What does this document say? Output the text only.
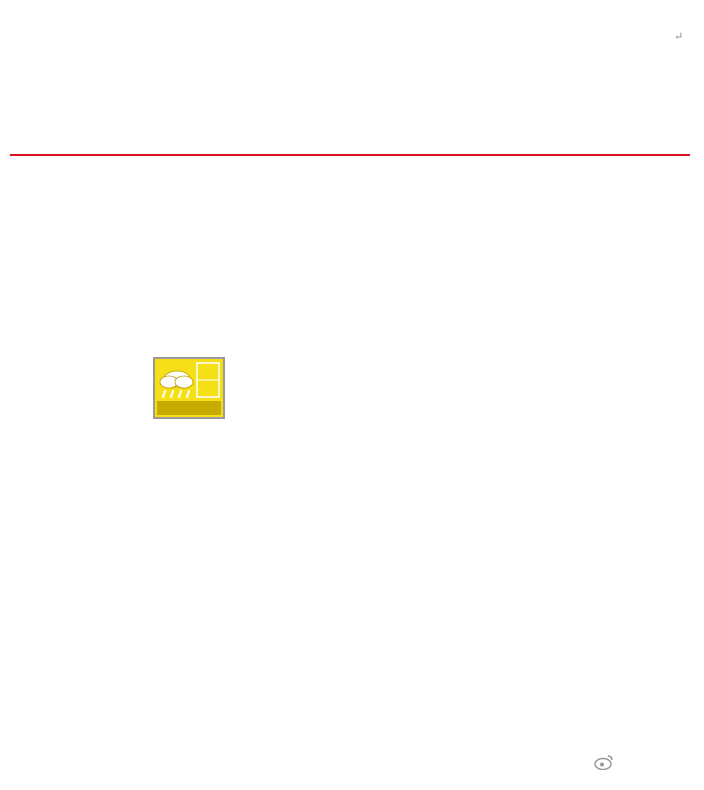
↵
